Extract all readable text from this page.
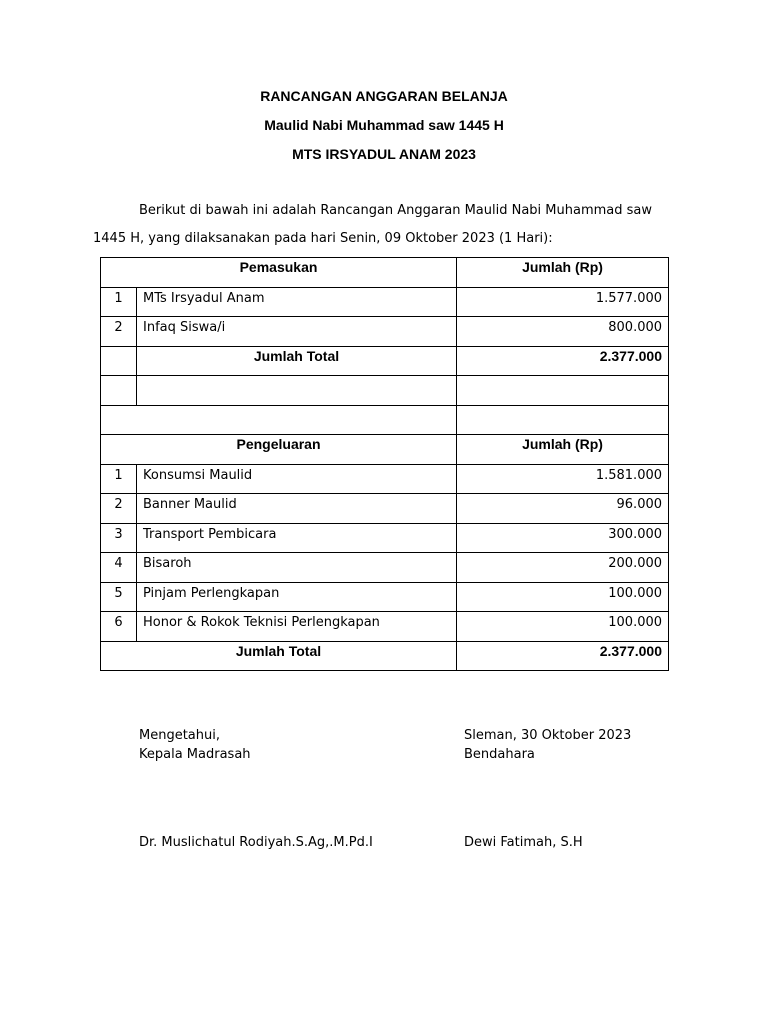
RANCANGAN ANGGARAN BELANJA
Maulid Nabi Muhammad saw 1445 H
MTS IRSYADUL ANAM 2023
Berikut di bawah ini adalah Rancangan Anggaran Maulid Nabi Muhammad saw
1445 H, yang dilaksanakan pada hari Senin, 09 Oktober 2023 (1 Hari):
Pemasukan		Jumlah (Rp)
1	MTs Irsyadul Anam	1.577.000
2	Infaq Siswa/i	800.000
	Jumlah Total	2.377.000

Pengeluaran		Jumlah (Rp)
1	Konsumsi Maulid	1.581.000
2	Banner Maulid	96.000
3	Transport Pembicara	300.000
4	Bisaroh	200.000
5	Pinjam Perlengkapan	100.000
6	Honor & Rokok Teknisi Perlengkapan	100.000
Jumlah Total		2.377.000
Mengetahui,
Kepala Madrasah
Dr. Muslichatul Rodiyah.S.Ag,.M.Pd.I
Sleman, 30 Oktober 2023
Bendahara
Dewi Fatimah, S.H
